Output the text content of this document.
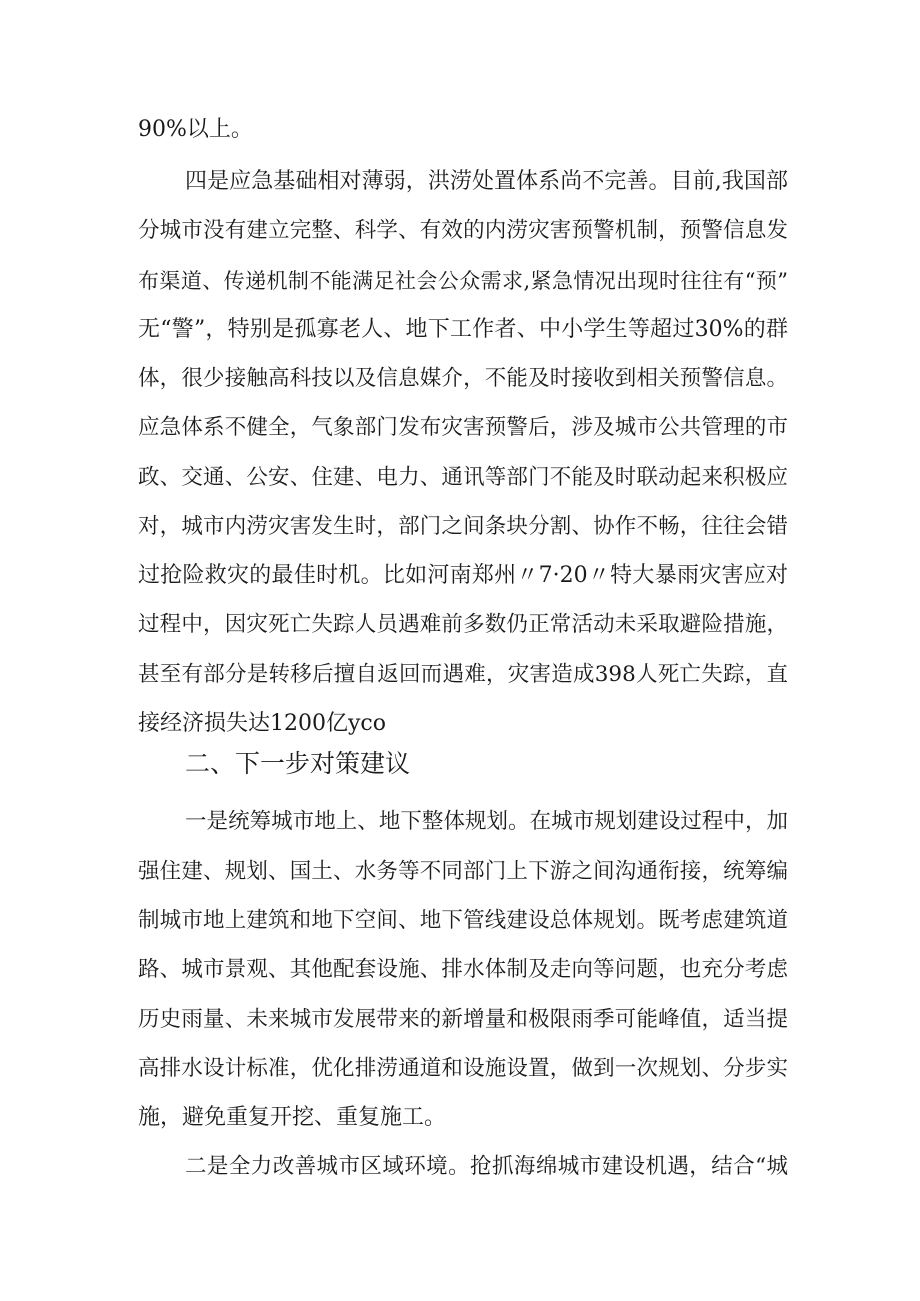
90%以上。
四是应急基础相对薄弱，洪涝处置体系尚不完善。目前,我国部
分城市没有建立完整、科学、有效的内涝灾害预警机制，预警信息发
布渠道、传递机制不能满足社会公众需求,紧急情况出现时往往有“预”
无“警”，特别是孤寡老人、地下工作者、中小学生等超过30%的群
体，很少接触高科技以及信息媒介，不能及时接收到相关预警信息。
应急体系不健全，气象部门发布灾害预警后，涉及城市公共管理的市
政、交通、公安、住建、电力、通讯等部门不能及时联动起来积极应
对，城市内涝灾害发生时，部门之间条块分割、协作不畅，往往会错
过抢险救灾的最佳时机。比如河南郑州〃7·20〃特大暴雨灾害应对
过程中，因灾死亡失踪人员遇难前多数仍正常活动未采取避险措施，
甚至有部分是转移后擅自返回而遇难，灾害造成398人死亡失踪，直
接经济损失达1200亿yco
二、下一步对策建议
一是统筹城市地上、地下整体规划。在城市规划建设过程中，加
强住建、规划、国土、水务等不同部门上下游之间沟通衔接，统筹编
制城市地上建筑和地下空间、地下管线建设总体规划。既考虑建筑道
路、城市景观、其他配套设施、排水体制及走向等问题，也充分考虑
历史雨量、未来城市发展带来的新增量和极限雨季可能峰值，适当提
高排水设计标准，优化排涝通道和设施设置，做到一次规划、分步实
施，避免重复开挖、重复施工。
二是全力改善城市区域环境。抢抓海绵城市建设机遇，结合“城
